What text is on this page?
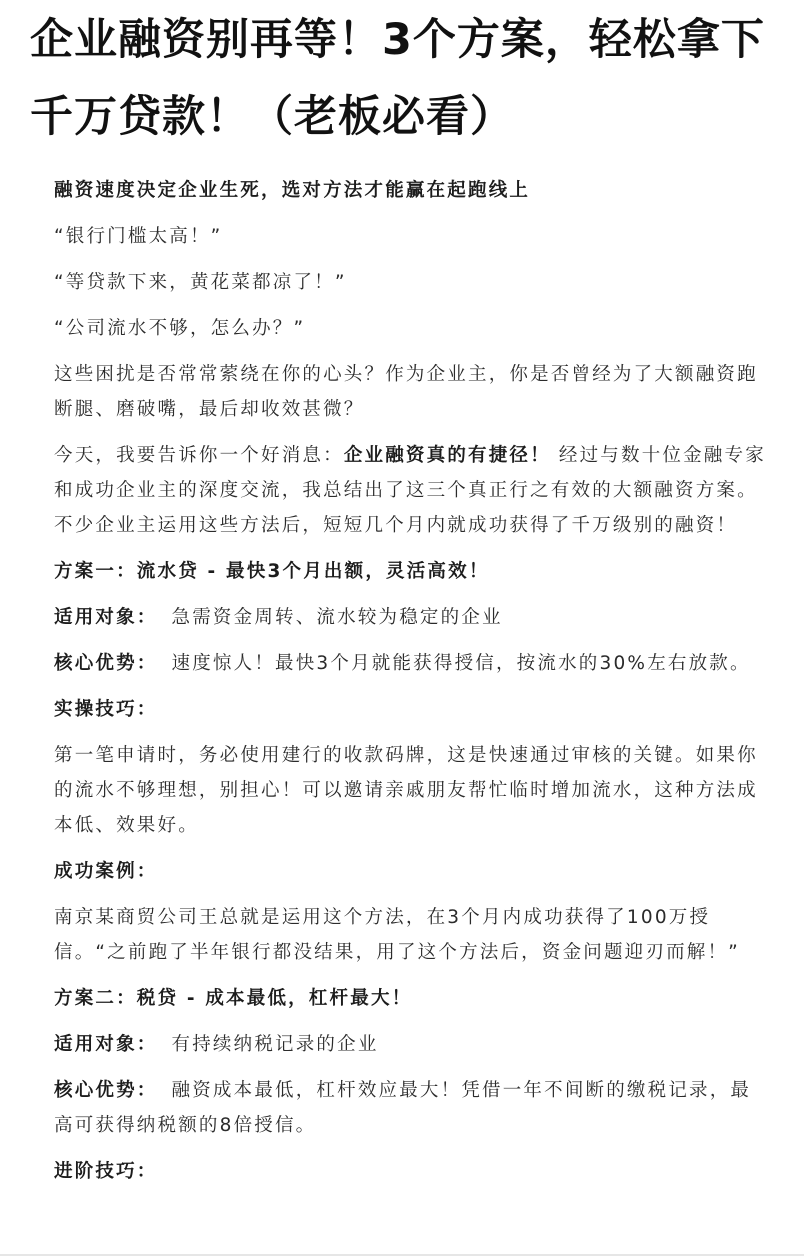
企业融资别再等！3个方案，轻松拿下千万贷款！（老板必看）

融资速度决定企业生死，选对方法才能赢在起跑线上

“银行门槛太高！”

“等贷款下来，黄花菜都凉了！”

“公司流水不够，怎么办？”

这些困扰是否常常萦绕在你的心头？作为企业主，你是否曾经为了大额融资跑断腿、磨破嘴，最后却收效甚微？

今天，我要告诉你一个好消息：企业融资真的有捷径！ 经过与数十位金融专家和成功企业主的深度交流，我总结出了这三个真正行之有效的大额融资方案。不少企业主运用这些方法后，短短几个月内就成功获得了千万级别的融资！

方案一：流水贷 - 最快3个月出额，灵活高效！

适用对象： 急需资金周转、流水较为稳定的企业

核心优势： 速度惊人！最快3个月就能获得授信，按流水的30%左右放款。

实操技巧：

第一笔申请时，务必使用建行的收款码牌，这是快速通过审核的关键。如果你的流水不够理想，别担心！可以邀请亲戚朋友帮忙临时增加流水，这种方法成本低、效果好。

成功案例：

南京某商贸公司王总就是运用这个方法，在3个月内成功获得了100万授信。“之前跑了半年银行都没结果，用了这个方法后，资金问题迎刃而解！”

方案二：税贷 - 成本最低，杠杆最大！

适用对象： 有持续纳税记录的企业

核心优势： 融资成本最低，杠杆效应最大！凭借一年不间断的缴税记录，最高可获得纳税额的8倍授信。

进阶技巧：
